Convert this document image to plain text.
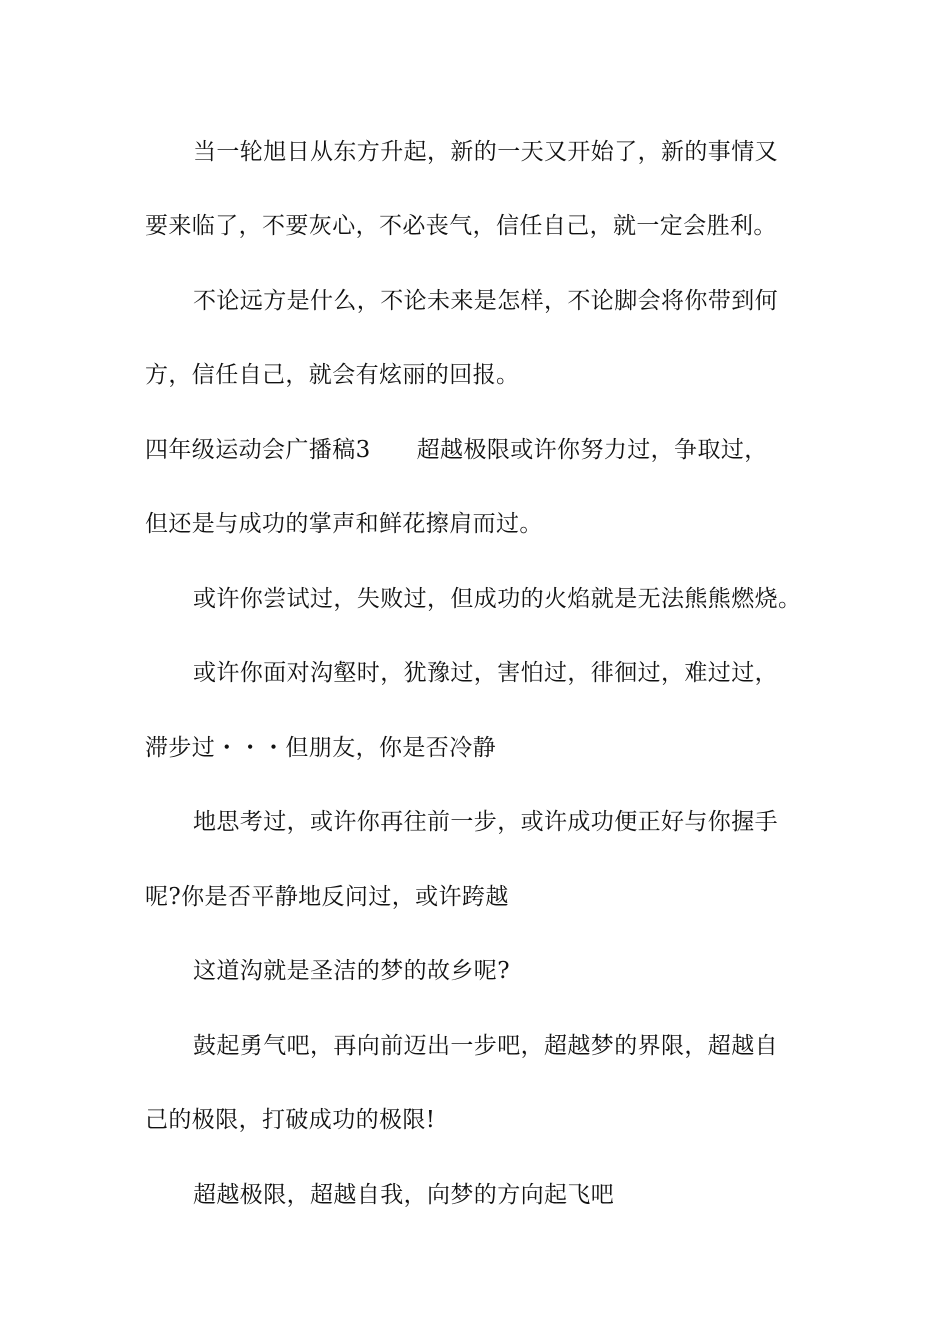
当一轮旭日从东方升起，新的一天又开始了，新的事情又
要来临了，不要灰心，不必丧气，信任自己，就一定会胜利。
不论远方是什么，不论未来是怎样，不论脚会将你带到何
方，信任自己，就会有炫丽的回报。
四年级运动会广播稿3 超越极限或许你努力过，争取过，
但还是与成功的掌声和鲜花擦肩而过。
或许你尝试过，失败过，但成功的火焰就是无法熊熊燃烧。
或许你面对沟壑时，犹豫过，害怕过，徘徊过，难过过，
滞步过・・・但朋友，你是否冷静
地思考过，或许你再往前一步，或许成功便正好与你握手
呢?你是否平静地反问过，或许跨越
这道沟就是圣洁的梦的故乡呢?
鼓起勇气吧，再向前迈出一步吧，超越梦的界限，超越自
己的极限，打破成功的极限!
超越极限，超越自我，向梦的方向起飞吧
